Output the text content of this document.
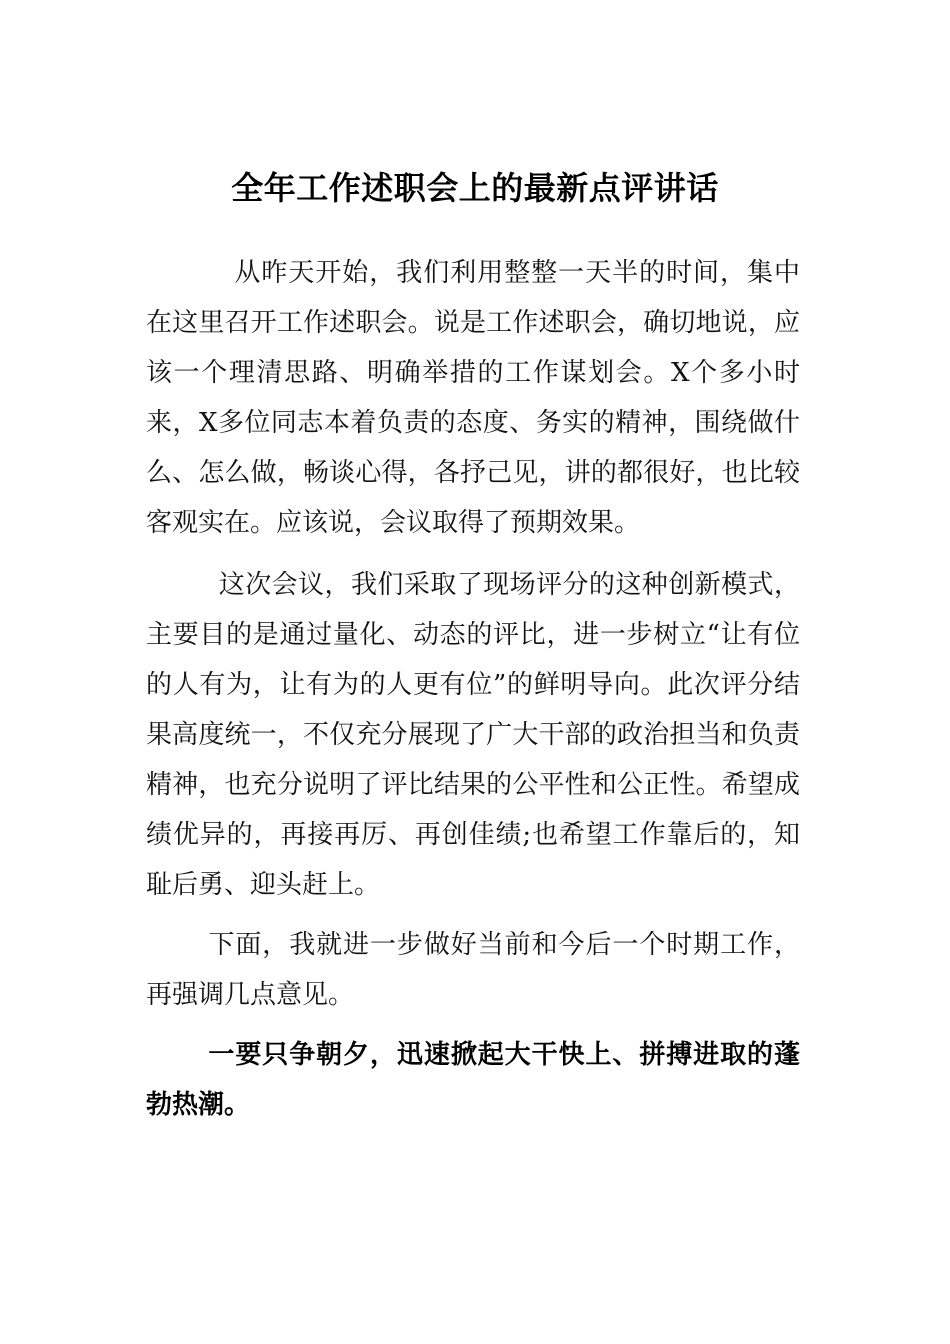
全年工作述职会上的最新点评讲话

从昨天开始，我们利用整整一天半的时间，集中在这里召开工作述职会。说是工作述职会，确切地说，应该一个理清思路、明确举措的工作谋划会。X个多小时来，X多位同志本着负责的态度、务实的精神，围绕做什么、怎么做，畅谈心得，各抒己见，讲的都很好，也比较客观实在。应该说，会议取得了预期效果。

这次会议，我们采取了现场评分的这种创新模式，主要目的是通过量化、动态的评比，进一步树立“让有位的人有为，让有为的人更有位”的鲜明导向。此次评分结果高度统一，不仅充分展现了广大干部的政治担当和负责精神，也充分说明了评比结果的公平性和公正性。希望成绩优异的，再接再厉、再创佳绩;也希望工作靠后的，知耻后勇、迎头赶上。

下面，我就进一步做好当前和今后一个时期工作，再强调几点意见。

一要只争朝夕，迅速掀起大干快上、拼搏进取的蓬勃热潮。
